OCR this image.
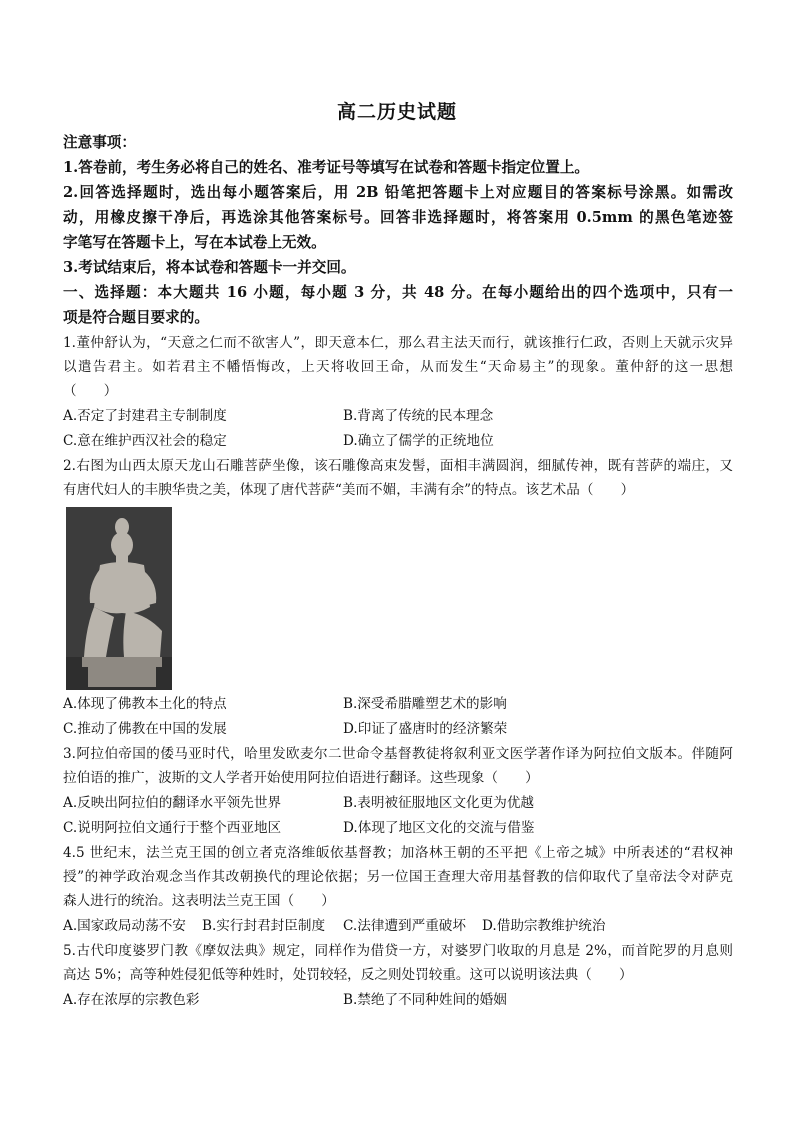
高二历史试题
注意事项：
1.答卷前，考生务必将自己的姓名、准考证号等填写在试卷和答题卡指定位置上。
2.回答选择题时，选出每小题答案后，用 2B 铅笔把答题卡上对应题目的答案标号涂黑。如需改
动，用橡皮擦干净后，再选涂其他答案标号。回答非选择题时，将答案用 0.5mm 的黑色笔迹签
字笔写在答题卡上，写在本试卷上无效。
3.考试结束后，将本试卷和答题卡一并交回。
一、选择题：本大题共 16 小题，每小题 3 分，共 48 分。在每小题给出的四个选项中，只有一
项是符合题目要求的。
1.董仲舒认为，“天意之仁而不欲害人”，即天意本仁，那么君主法天而行，就该推行仁政，否则上天就示灾异
以遣告君主。如若君主不幡悟悔改，上天将收回王命，从而发生“天命易主”的现象。董仲舒的这一思想
（　　）
A.否定了封建君主专制制度	B.背离了传统的民本理念
C.意在维护西汉社会的稳定	D.确立了儒学的正统地位
2.右图为山西太原天龙山石雕菩萨坐像，该石雕像高束发髻，面相丰满圆润，细腻传神，既有菩萨的端庄，又
有唐代妇人的丰腴华贵之美，体现了唐代菩萨“美而不媚，丰满有余”的特点。该艺术品（　　）
A.体现了佛教本土化的特点	B.深受希腊雕塑艺术的影响
C.推动了佛教在中国的发展	D.印证了盛唐时的经济繁荣
3.阿拉伯帝国的倭马亚时代，哈里发欧麦尔二世命令基督教徒将叙利亚文医学著作译为阿拉伯文版本。伴随阿
拉伯语的推广，波斯的文人学者开始使用阿拉伯语进行翻译。这些现象（　　）
A.反映出阿拉伯的翻译水平领先世界	B.表明被征服地区文化更为优越
C.说明阿拉伯文通行于整个西亚地区	D.体现了地区文化的交流与借鉴
4.5 世纪末，法兰克王国的创立者克洛维皈依基督教；加洛林王朝的丕平把《上帝之城》中所表述的“君权神
授”的神学政治观念当作其改朝换代的理论依据；另一位国王查理大帝用基督教的信仰取代了皇帝法令对萨克
森人进行的统治。这表明法兰克王国（　　）
A.国家政局动荡不安 B.实行封君封臣制度 C.法律遭到严重破坏 D.借助宗教维护统治
5.古代印度婆罗门教《摩奴法典》规定，同样作为借贷一方，对婆罗门收取的月息是 2%，而首陀罗的月息则
高达 5%；高等种姓侵犯低等种姓时，处罚较轻，反之则处罚较重。这可以说明该法典（　　）
A.存在浓厚的宗教色彩	B.禁绝了不同种姓间的婚姻
